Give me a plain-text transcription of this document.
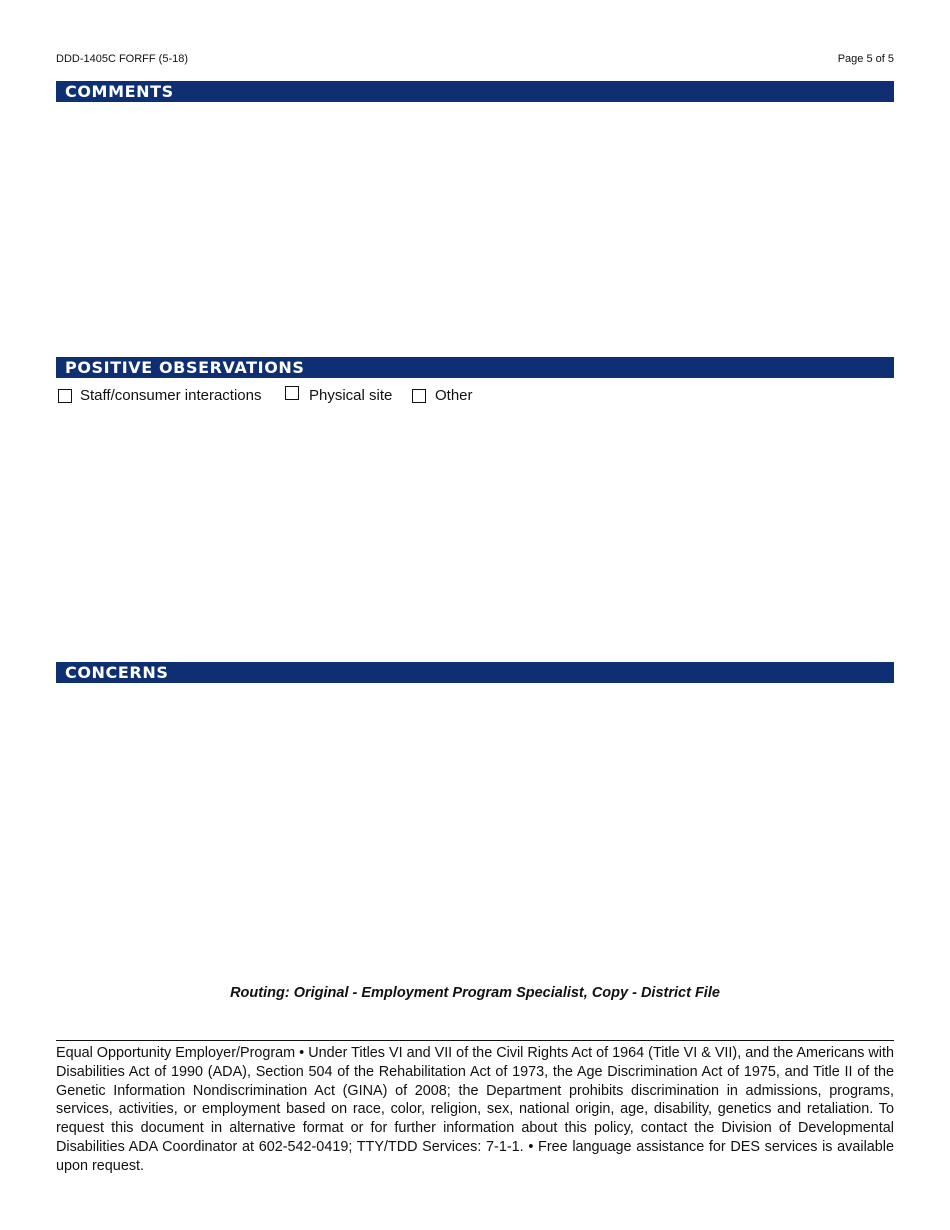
DDD-1405C FORFF (5-18)	Page 5 of 5
COMMENTS
POSITIVE OBSERVATIONS
Staff/consumer interactions	Physical site	Other
CONCERNS
Routing: Original - Employment Program Specialist, Copy - District File
Equal Opportunity Employer/Program • Under Titles VI and VII of the Civil Rights Act of 1964 (Title VI & VII), and the Americans with Disabilities Act of 1990 (ADA), Section 504 of the Rehabilitation Act of 1973, the Age Discrimination Act of 1975, and Title II of the Genetic Information Nondiscrimination Act (GINA) of 2008; the Department prohibits discrimination in admissions, programs, services, activities, or employment based on race, color, religion, sex, national origin, age, disability, genetics and retaliation. To request this document in alternative format or for further information about this policy, contact the Division of Developmental Disabilities ADA Coordinator at 602-542-0419; TTY/TDD Services: 7-1-1. • Free language assistance for DES services is available upon request.
